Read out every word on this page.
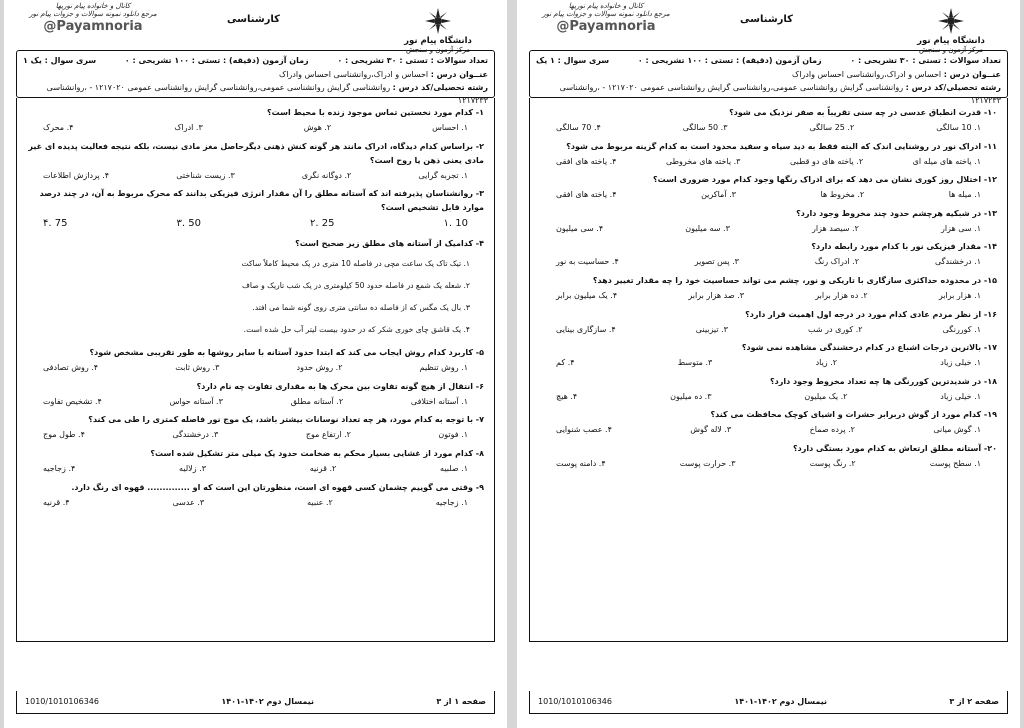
دانشگاه پیام نور
مرکز آزمون و سنجش
کارشناسی
کانال و خانواده پیام نوریها
مرجع دانلود نمونه سوالات و جزوات پیام نور
@Payamnoria
تعداد سوالات : تستی : ۳۰ تشریحی : ۰
زمان آزمون (دقیقه) : تستی : ۱۰۰ تشریحی : ۰
سری سوال : یک ۱
عنــوان درس : احساس و ادراک،روانشناسی احساس وادراک
رشته تحصیلی/کد درس : روانشناسی گرایش روانشناسی عمومی،روانشناسی گرایش روانشناسی عمومی ۱۲۱۷۰۲۰ - ،روانشناسی ۱۲۱۷۲۳۳
۱- کدام مورد نخستین تماس موجود زنده با محیط است؟
۱. احساس
۲. هوش
۳. ادراک
۴. محرک
۲- براساس کدام دیدگاه، ادراک مانند هر گونه کنش ذهنی دیگرحاصل مغز مادی نیست، بلکه نتیجه فعالیت پدیده ای غیر مادی یعنی ذهن یا روح است؟
۱. تجربه گرایی
۲. دوگانه نگری
۳. زیست شناختی
۴. پردازش اطلاعات
۳- روانشناسان پذیرفته اند که آستانه مطلق را آن مقدار انرژی فیزیکی بدانند که محرک مربوط به آن، در چند درصد موارد قابل تشخیص است؟
10 .۱
25 .۲
50 .۳
75 .۴
۴- کدامیک از آستانه های مطلق زیر صحیح است؟
۱. تیک تاک یک ساعت مچی در فاصله 10 متری در یک محیط کاملاً ساکت
۲. شعله یک شمع در فاصله حدود 50 کیلومتری در یک شب تاریک و صاف
۳. بال یک مگس که از فاصله ده سانتی متری روی گونه شما می افتد.
۴. یک قاشق چای خوری شکر که در حدود بیست لیتر آب حل شده است.
۵- کاربرد کدام روش ایجاب می کند که ابتدا حدود آستانه با سایر روشها به طور تقریبی مشخص شود؟
۱. روش تنظیم
۲. روش حدود
۳. روش ثابت
۴. روش تصادفی
۶- انتقال از هیچ گونه تفاوت بین محرک ها به مقداری تفاوت چه نام دارد؟
۱. آستانه اختلافی
۲. آستانه مطلق
۳. آستانه حواس
۴. تشخیص تفاوت
۷- با توجه به کدام مورد، هر چه تعداد نوسانات بیشتر باشد، یک موج نور فاصله کمتری را طی می کند؟
۱. فوتون
۲. ارتفاع موج
۳. درخشندگی
۴. طول موج
۸- کدام مورد از غشایی بسیار محکم به ضخامت حدود یک میلی متر تشکیل شده است؟
۱. صلبیه
۲. قرنیه
۳. زلالیه
۴. زجاجیه
۹- وقتی می گوییم چشمان کسی قهوه ای است، منظورتان این است که او .............. قهوه ای رنگ دارد.
۱. زجاجیه
۲. عنبیه
۳. عدسی
۴. قرنیه
صفحه ۱ از ۳
نیمسال دوم ۱۴۰۲-۱۴۰۱
1010/1010106346
دانشگاه پیام نور
مرکز آزمون و سنجش
کارشناسی
کانال و خانواده پیام نوریها
مرجع دانلود نمونه سوالات و جزوات پیام نور
@Payamnoria
تعداد سوالات : تستی : ۳۰ تشریحی : ۰
زمان آزمون (دقیقه) : تستی : ۱۰۰ تشریحی : ۰
سری سوال : ۱ یک
عنــوان درس : احساس و ادراک،روانشناسی احساس وادراک
رشته تحصیلی/کد درس : روانشناسی گرایش روانشناسی عمومی،روانشناسی گرایش روانشناسی عمومی ۱۲۱۷۰۲۰ - ،روانشناسی ۱۲۱۷۲۳۳
۱۰- قدرت انطباق عدسی در چه سنی تقریباً به صفر نزدیک می شود؟
۱. 10 سالگی
۲. 25 سالگی
۳. 50 سالگی
۴. 70 سالگی
۱۱- ادراک نور در روشنایی اندک که البته فقط به دید سیاه و سفید محدود است به کدام گزینه مربوط می شود؟
۱. یاخته های میله ای
۲. یاخته های دو قطبی
۳. یاخته های مخروطی
۴. یاخته های افقی
۱۲- اختلال روز کوری نشان می دهد که برای ادراک رنگها وجود کدام مورد ضروری است؟
۱. میله ها
۲. مخروط ها
۳. آماکرین
۴. یاخته های افقی
۱۳- در شبکیه هرچشم حدود چند مخروط وجود دارد؟
۱. سی هزار
۲. سیصد هزار
۳. سه میلیون
۴. سی میلیون
۱۴- مقدار فیزیکی نور با کدام مورد رابطه دارد؟
۱. درخشندگی
۲. ادراک رنگ
۳. پس تصویر
۴. حساسیت به نور
۱۵- در محدوده حداکثری سازگاری با تاریکی و نور، چشم می تواند حساسیت خود را چه مقدار تغییر دهد؟
۱. هزار برابر
۲. ده هزار برابر
۳. صد هزار برابر
۴. یک میلیون برابر
۱۶- از نظر مردم عادی کدام مورد در درجه اول اهمیت قرار دارد؟
۱. کوررنگی
۲. کوری در شب
۳. تیزبینی
۴. سازگاری بینایی
۱۷- بالاترین درجات اشباع در کدام درخشندگی مشاهده نمی شود؟
۱. خیلی زیاد
۲. زیاد
۳. متوسط
۴. کم
۱۸- در شدیدترین کوررنگی ها چه تعداد مخروط وجود دارد؟
۱. خیلی زیاد
۲. یک میلیون
۳. ده میلیون
۴. هیچ
۱۹- کدام مورد از گوش دربرابر حشرات و اشیای کوچک محافظت می کند؟
۱. گوش میانی
۲. پرده صماخ
۳. لاله گوش
۴. عصب شنوایی
۲۰- آستانه مطلق ارتعاش به کدام مورد بستگی دارد؟
۱. سطح پوست
۲. رنگ پوست
۳. حرارت پوست
۴. دامنه پوست
صفحه ۲ از ۳
نیمسال دوم ۱۴۰۲-۱۴۰۱
1010/1010106346
